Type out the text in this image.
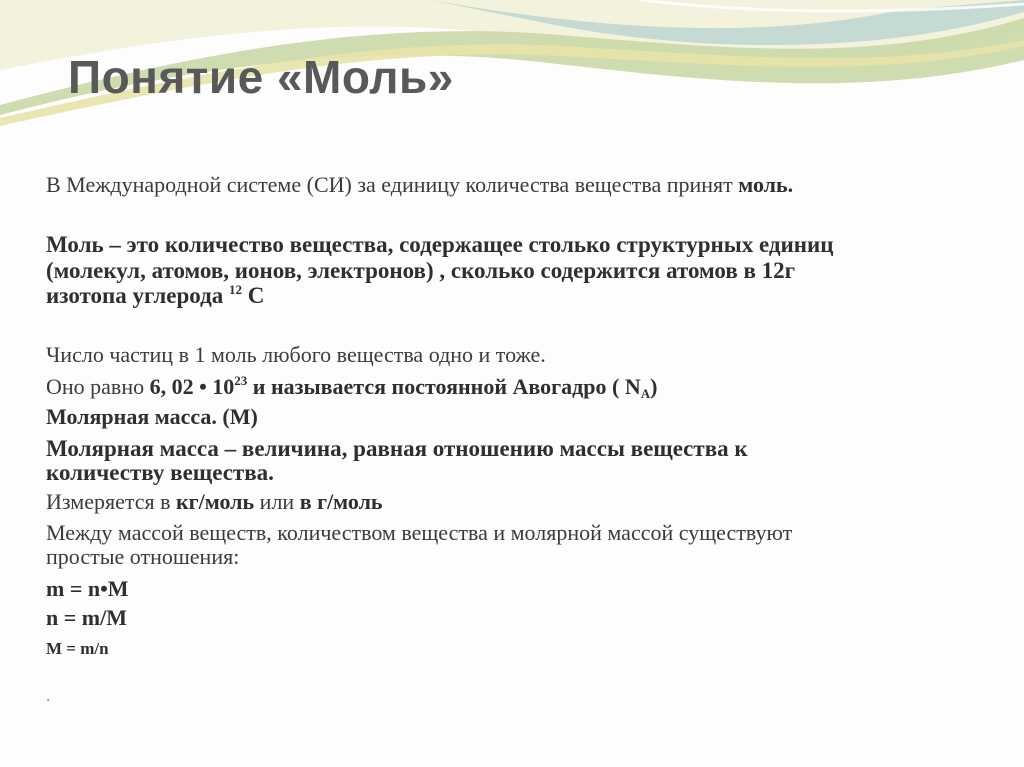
Понятие «Моль»
В Международной системе (СИ) за единицу количества вещества принят моль.
Моль – это количество вещества, содержащее столько структурных единиц
(молекул, атомов, ионов, электронов) , сколько содержится атомов в 12г
изотопа углерода $^{12}$ С
Число частиц в 1 моль любого вещества одно и тоже.
Оно равно 6, 02 • $10^{23}$ и называется постоянной Авогадро ( $N_A$)
Молярная масса. (М)
Молярная масса – величина, равная отношению массы вещества к
количеству вещества.
Измеряется в кг/моль или в г/моль
Между массой веществ, количеством вещества и молярной массой существуют
простые отношения:
m = n•M
n = m/M
M = m/n
.
